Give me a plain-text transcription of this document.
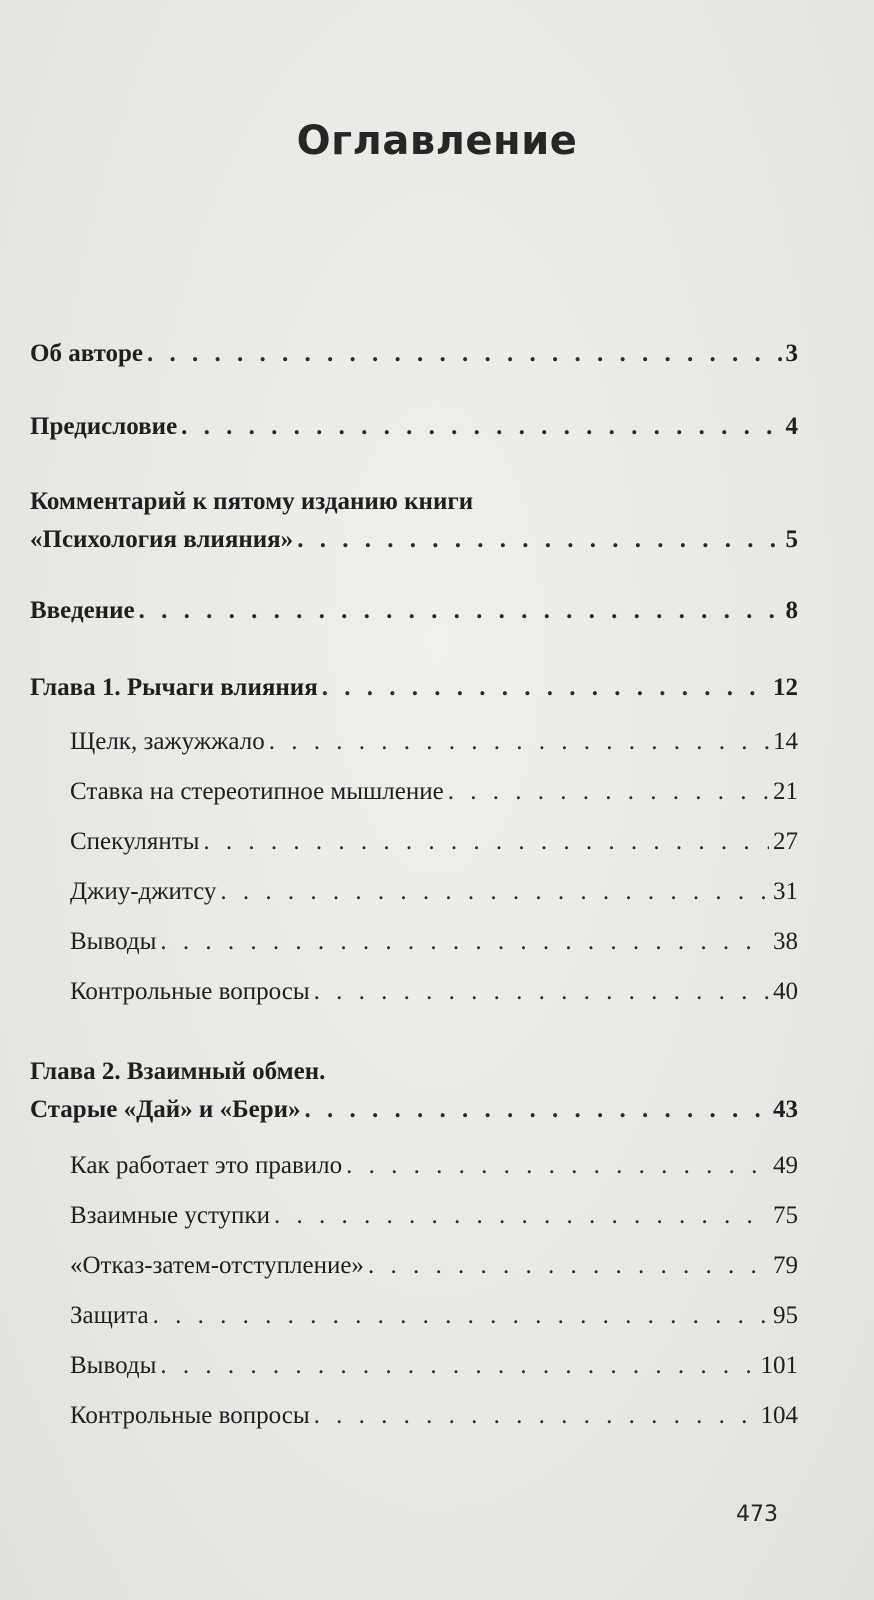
Оглавление
Об авторе . . .	3
Предисловие . . .	4
Комментарий к пятому изданию книги
«Психология влияния» . . .	5
Введение . . .	8
Глава 1. Рычаги влияния . . .	12
Щелк, зажужжало . . .	14
Ставка на стереотипное мышление . . .	21
Спекулянты . . .	27
Джиу-джитсу . . .	31
Выводы . . .	38
Контрольные вопросы . . .	40
Глава 2. Взаимный обмен.
Старые «Дай» и «Бери» . . .	43
Как работает это правило . . .	49
Взаимные уступки . . .	75
«Отказ-затем-отступление» . . .	79
Защита . . .	95
Выводы . . .	101
Контрольные вопросы . . .	104
473
